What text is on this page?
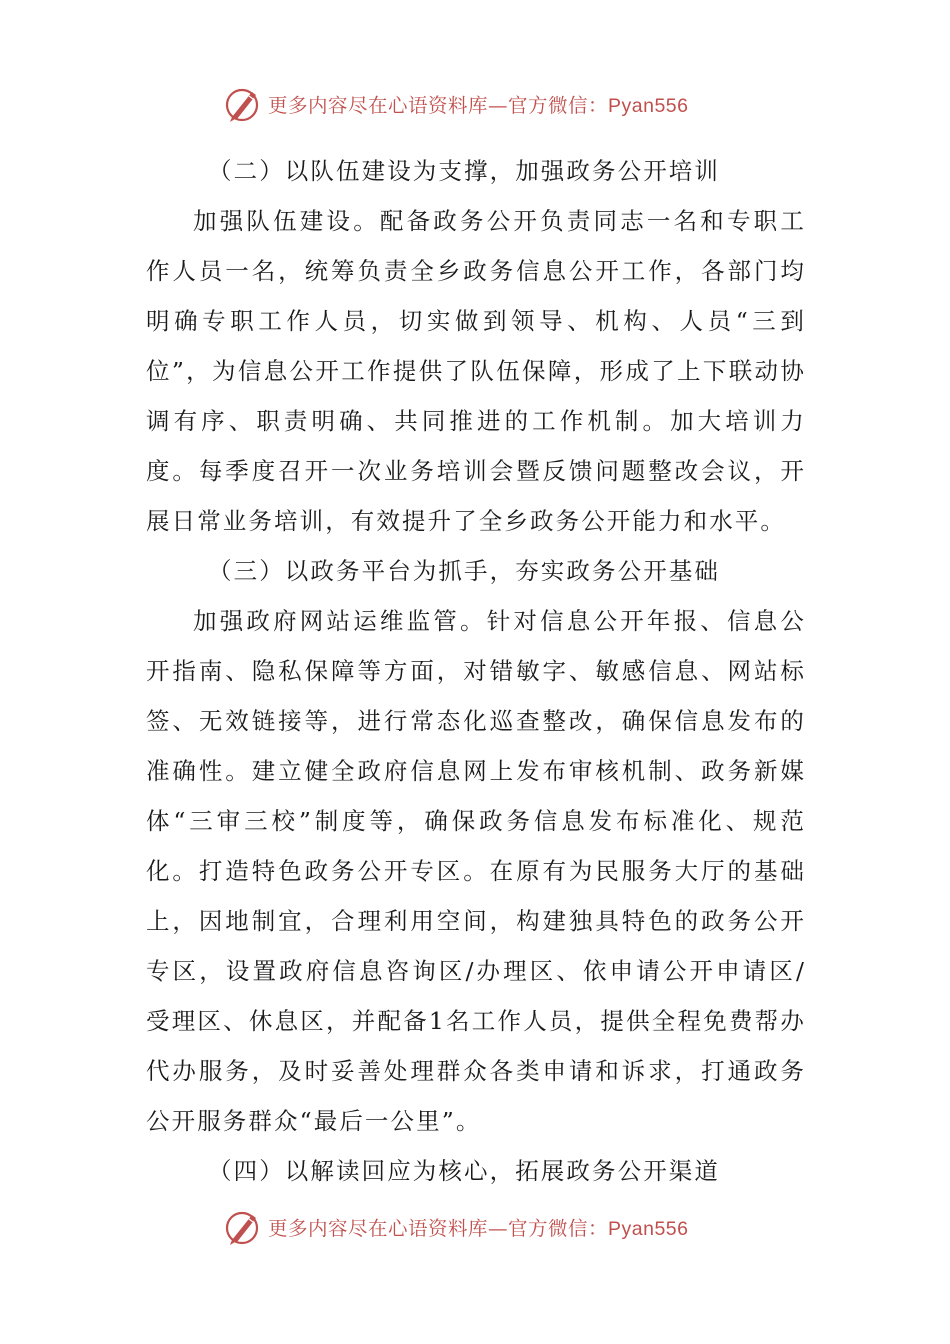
更多内容尽在心语资料库—官方微信：Pyan556

（二）以队伍建设为支撑，加强政务公开培训

加强队伍建设。配备政务公开负责同志一名和专职工作人员一名，统筹负责全乡政务信息公开工作，各部门均明确专职工作人员，切实做到领导、机构、人员“三到位”，为信息公开工作提供了队伍保障，形成了上下联动协调有序、职责明确、共同推进的工作机制。加大培训力度。每季度召开一次业务培训会暨反馈问题整改会议，开展日常业务培训，有效提升了全乡政务公开能力和水平。

（三）以政务平台为抓手，夯实政务公开基础

加强政府网站运维监管。针对信息公开年报、信息公开指南、隐私保障等方面，对错敏字、敏感信息、网站标签、无效链接等，进行常态化巡查整改，确保信息发布的准确性。建立健全政府信息网上发布审核机制、政务新媒体“三审三校”制度等，确保政务信息发布标准化、规范化。打造特色政务公开专区。在原有为民服务大厅的基础上，因地制宜，合理利用空间，构建独具特色的政务公开专区，设置政府信息咨询区/办理区、依申请公开申请区/受理区、休息区，并配备1名工作人员，提供全程免费帮办代办服务，及时妥善处理群众各类申请和诉求，打通政务公开服务群众“最后一公里”。

（四）以解读回应为核心，拓展政务公开渠道

更多内容尽在心语资料库—官方微信：Pyan556
